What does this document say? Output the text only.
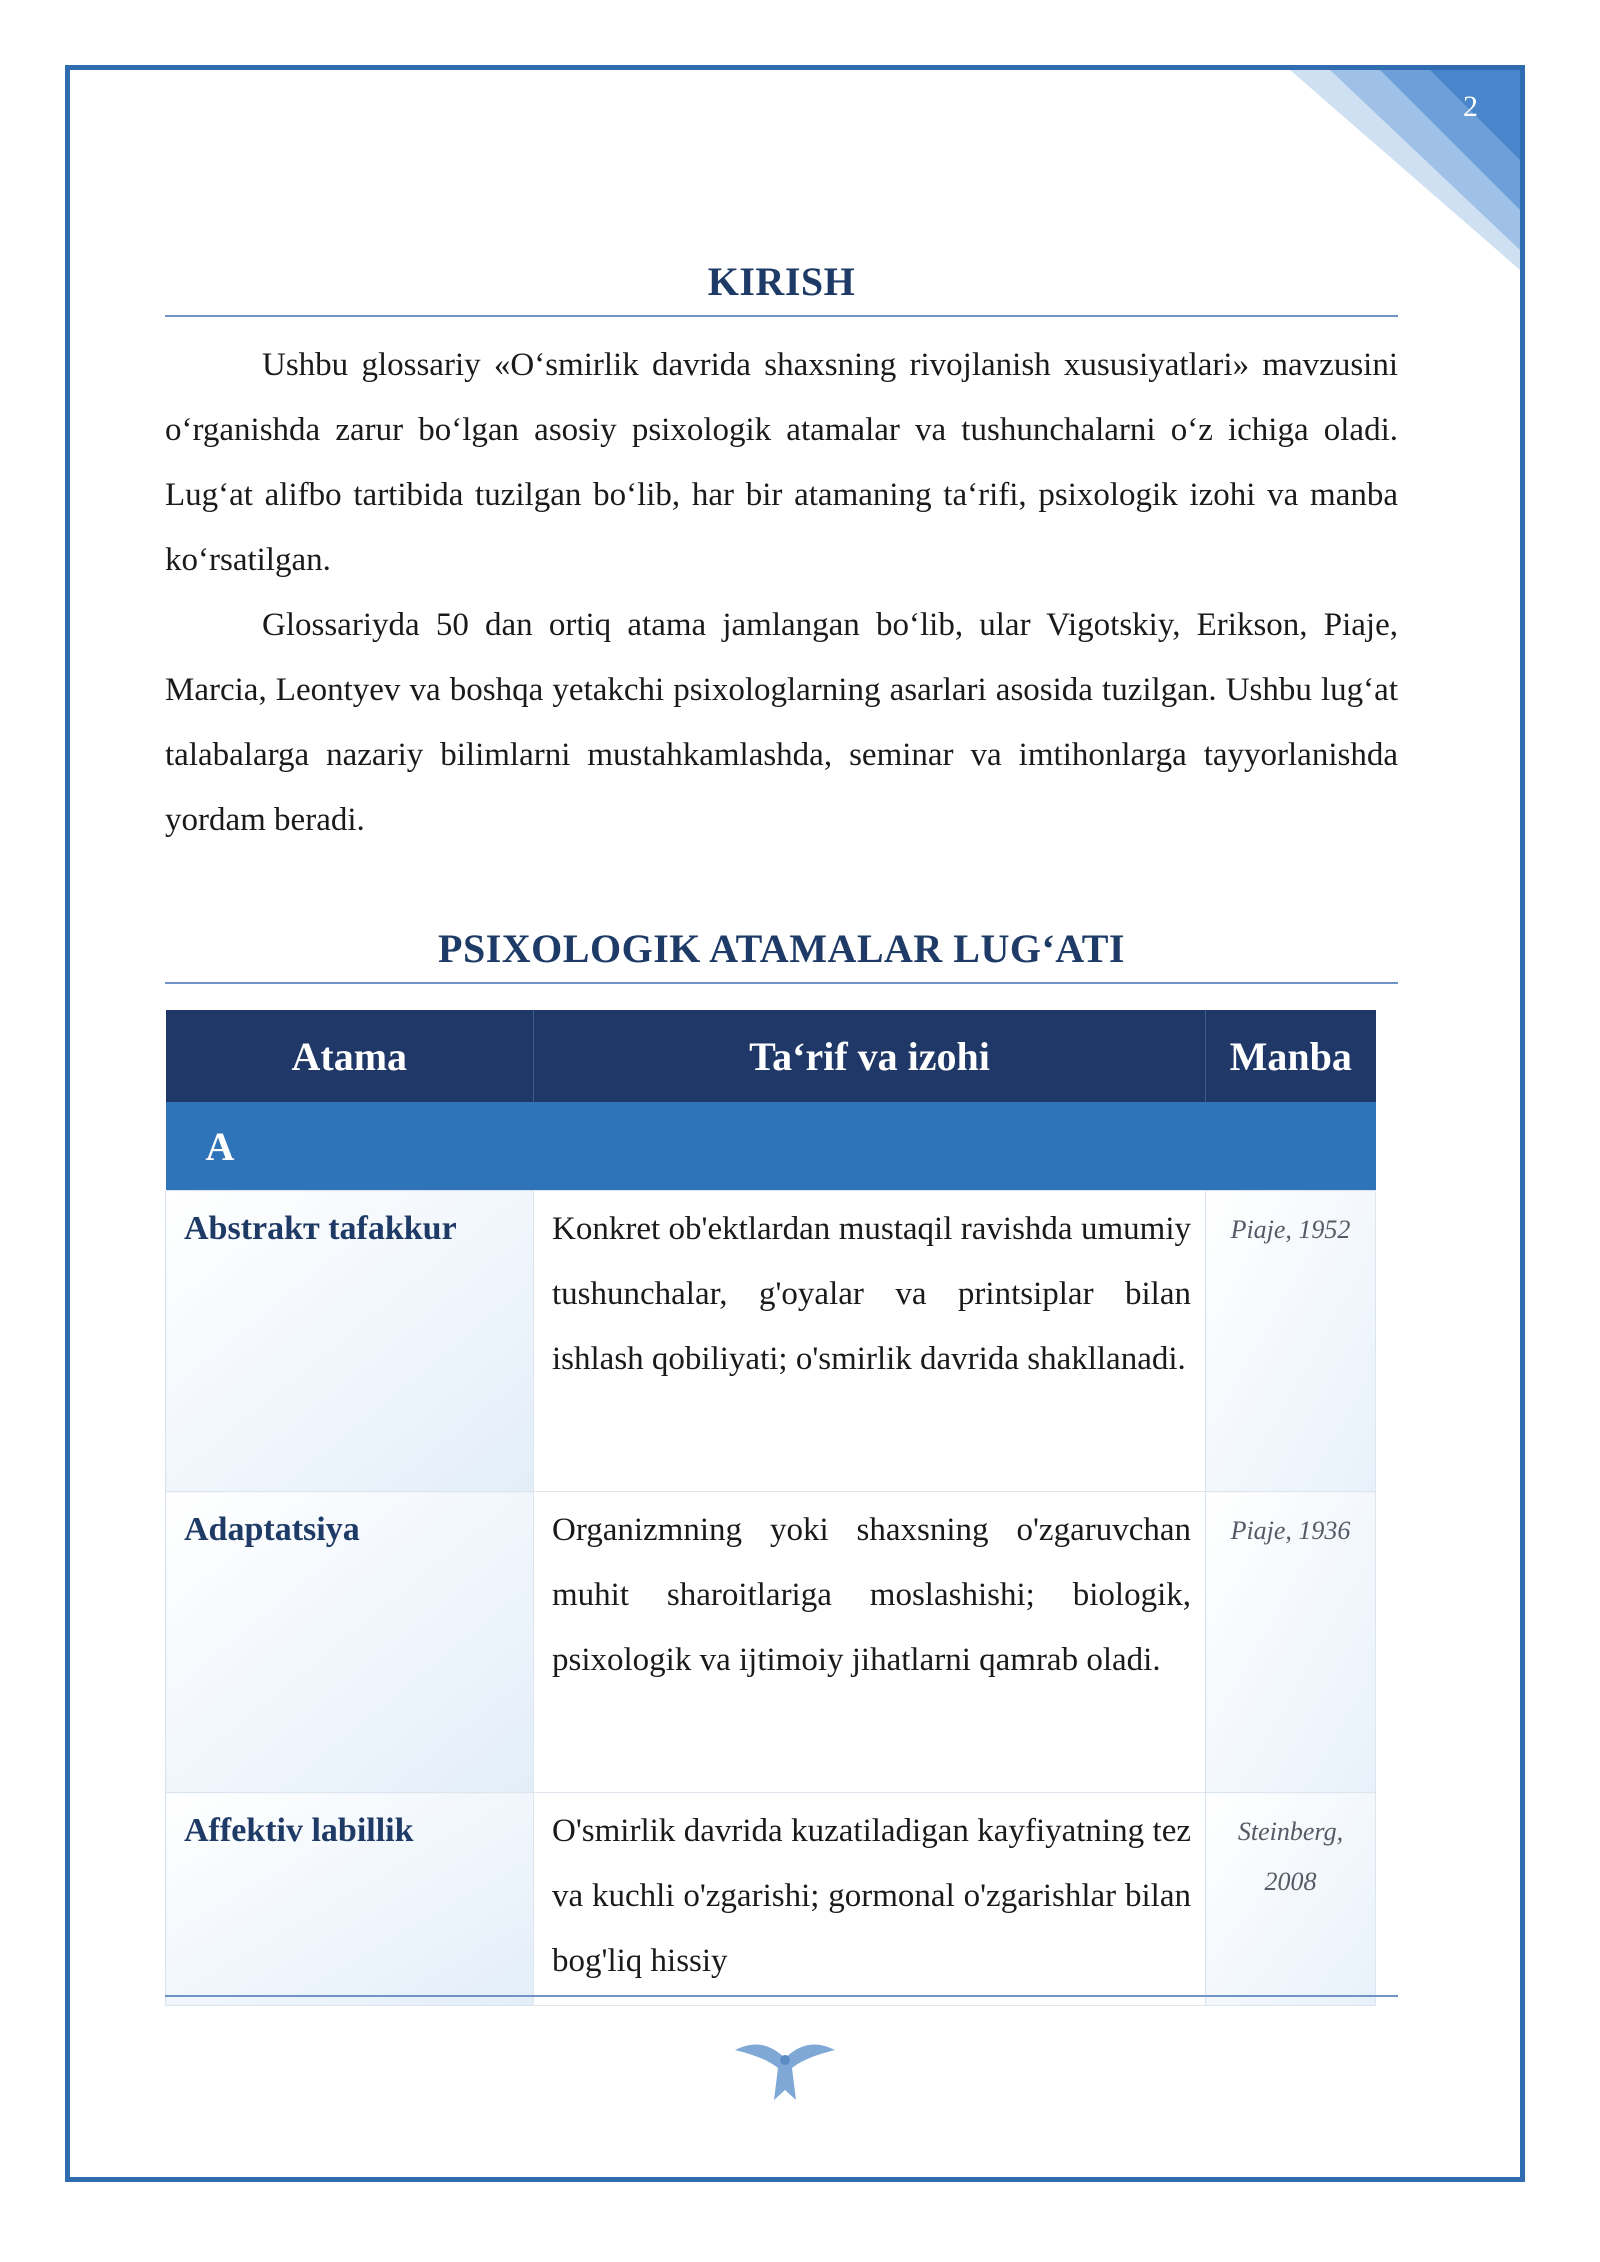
2
KIRISH

Ushbu glossariy «Oʻsmirlik davrida shaxsning rivojlanish xususiyatlari» mavzusini oʻrganishda zarur boʻlgan asosiy psixologik atamalar va tushunchalarni oʻz ichiga oladi. Lugʻat alifbo tartibida tuzilgan boʻlib, har bir atamaning taʻrifi, psixologik izohi va manba koʻrsatilgan.

Glossariyda 50 dan ortiq atama jamlangan boʻlib, ular Vigotskiy, Erikson, Piaje, Marcia, Leontyev va boshqa yetakchi psixologlarning asarlari asosida tuzilgan. Ushbu lugʻat talabalarga nazariy bilimlarni mustahkamlashda, seminar va imtihonlarga tayyorlanishda yordam beradi.

PSIXOLOGIK ATAMALAR LUGʻATI
Atama	Taʻrif va izohi	Manba
A		
Abstrakт tafakkur	Konkret ob'ektlardan mustaqil ravishda umumiy tushunchalar, g'oyalar va printsiplar bilan ishlash qobiliyati; o'smirlik davrida shakllanadi.	Piaje, 1952
Adaptatsiya	Organizmning yoki shaxsning o'zgaruvchan muhit sharoitlariga moslashishi; biologik, psixologik va ijtimoiy jihatlarni qamrab oladi.	Piaje, 1936
Affektiv labillik	O'smirlik davrida kuzatiladigan kayfiyatning tez va kuchli o'zgarishi; gormonal o'zgarishlar bilan bog'liq hissiy	Steinberg, 2008
